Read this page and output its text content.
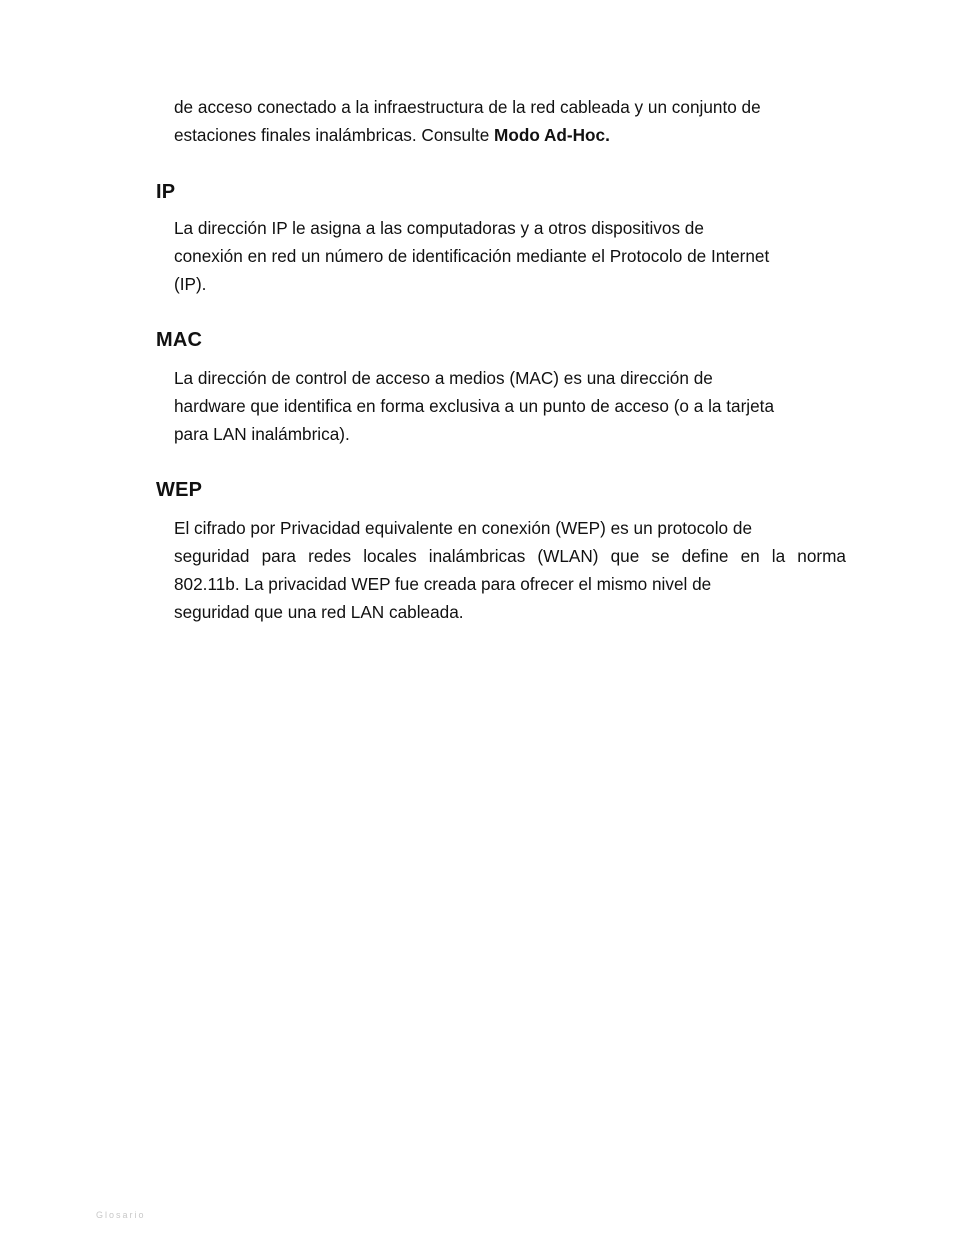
de acceso conectado a la infraestructura de la red cableada y un conjunto de
estaciones finales inalámbricas. Consulte Modo Ad-Hoc.

IP

La dirección IP le asigna a las computadoras y a otros dispositivos de
conexión en red un número de identificación mediante el Protocolo de Internet
(IP).

MAC

La dirección de control de acceso a medios (MAC) es una dirección de
hardware que identifica en forma exclusiva a un punto de acceso (o a la tarjeta
para LAN inalámbrica).

WEP

El cifrado por Privacidad equivalente en conexión (WEP) es un protocolo de
seguridad para redes locales inalámbricas (WLAN) que se define en la norma
802.11b. La privacidad WEP fue creada para ofrecer el mismo nivel de
seguridad que una red LAN cableada.

Glosario
